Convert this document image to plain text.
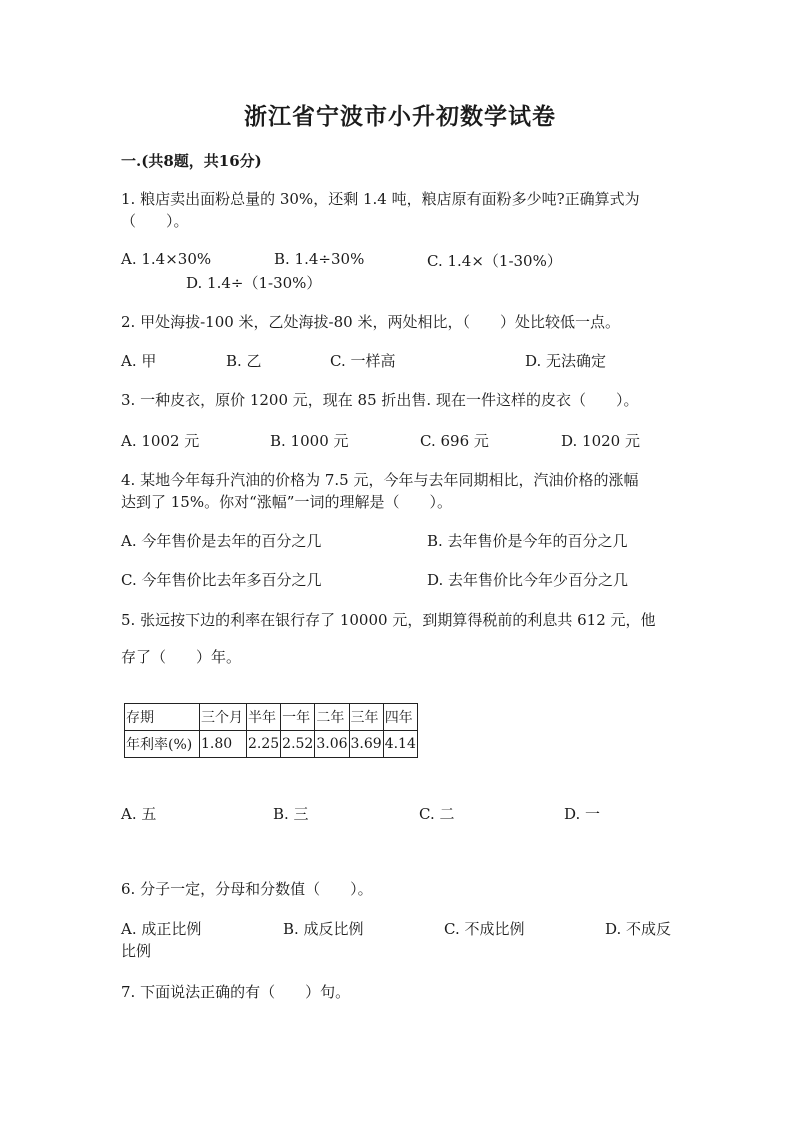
浙江省宁波市小升初数学试卷
一.(共8题，共16分)
1. 粮店卖出面粉总量的 30%，还剩 1.4 吨，粮店原有面粉多少吨?正确算式为
（　　）。
A. 1.4×30%	B. 1.4÷30%	C. 1.4×（1-30%）
D. 1.4÷（1-30%）
2. 甲处海拔-100 米，乙处海拔-80 米，两处相比，（　　）处比较低一点。
A. 甲	B. 乙	C. 一样高	D. 无法确定
3. 一种皮衣，原价 1200 元，现在 85 折出售. 现在一件这样的皮衣（　　）。
A. 1002 元	B. 1000 元	C. 696 元	D. 1020 元
4. 某地今年每升汽油的价格为 7.5 元，今年与去年同期相比，汽油价格的涨幅
达到了 15%。你对“涨幅”一词的理解是（　　）。
A. 今年售价是去年的百分之几	B. 去年售价是今年的百分之几
C. 今年售价比去年多百分之几	D. 去年售价比今年少百分之几
5. 张远按下边的利率在银行存了 10000 元，到期算得税前的利息共 612 元，他
存了（　　）年。
存期	三个月	半年	一年	二年	三年	四年
年利率(%)	1.80	2.25	2.52	3.06	3.69	4.14
A. 五	B. 三	C. 二	D. 一
6. 分子一定，分母和分数值（　　）。
A. 成正比例	B. 成反比例	C. 不成比例	D. 不成反
比例
7. 下面说法正确的有（　　）句。
